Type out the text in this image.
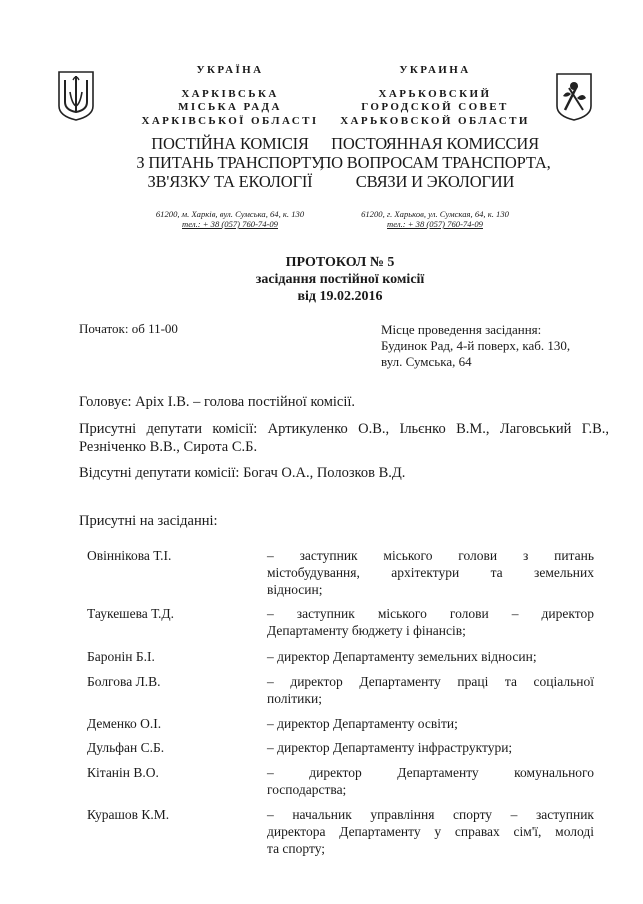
УКРАЇНА
ХАРКІВСЬКА
МІСЬКА РАДА
ХАРКІВСЬКОЇ ОБЛАСТІ
ПОСТІЙНА КОМІСІЯ
З ПИТАНЬ ТРАНСПОРТУ,
ЗВ'ЯЗКУ ТА ЕКОЛОГІЇ
61200, м. Харків, вул. Сумська, 64, к. 130
тел.: + 38 (057) 760-74-09
УКРАИНА
ХАРЬКОВСКИЙ
ГОРОДСКОЙ СОВЕТ
ХАРЬКОВСКОЙ ОБЛАСТИ
ПОСТОЯННАЯ КОМИССИЯ
ПО ВОПРОСАМ ТРАНСПОРТА,
СВЯЗИ И ЭКОЛОГИИ
61200, г. Харьков, ул. Сумская, 64, к. 130
тел.: + 38 (057) 760-74-09
ПРОТОКОЛ № 5
засідання постійної комісії
від 19.02.2016
Початок: об 11-00	Місце проведення засідання:
Будинок Рад, 4-й поверх, каб. 130,
вул. Сумська, 64
Головує: Аріх І.В. – голова постійної комісії.
Присутні депутати комісії: Артикуленко О.В., Ільєнко В.М., Лаговський Г.В.,
Резніченко В.В., Сирота С.Б.
Відсутні депутати комісії: Богач О.А., Полозков В.Д.
Присутні на засіданні:
Овіннікова Т.І.	– заступник міського голови з питань
містобудування, архітектури та земельних
відносин;
Таукешева Т.Д.	– заступник міського голови – директор
Департаменту бюджету і фінансів;
Баронін Б.І.	– директор Департаменту земельних відносин;
Болгова Л.В.	– директор Департаменту праці та соціальної
політики;
Деменко О.І.	– директор Департаменту освіти;
Дульфан С.Б.	– директор Департаменту інфраструктури;
Кітанін В.О.	– директор Департаменту комунального
господарства;
Курашов К.М.	– начальник управління спорту – заступник
директора Департаменту у справах сім'ї, молоді
та спорту;
